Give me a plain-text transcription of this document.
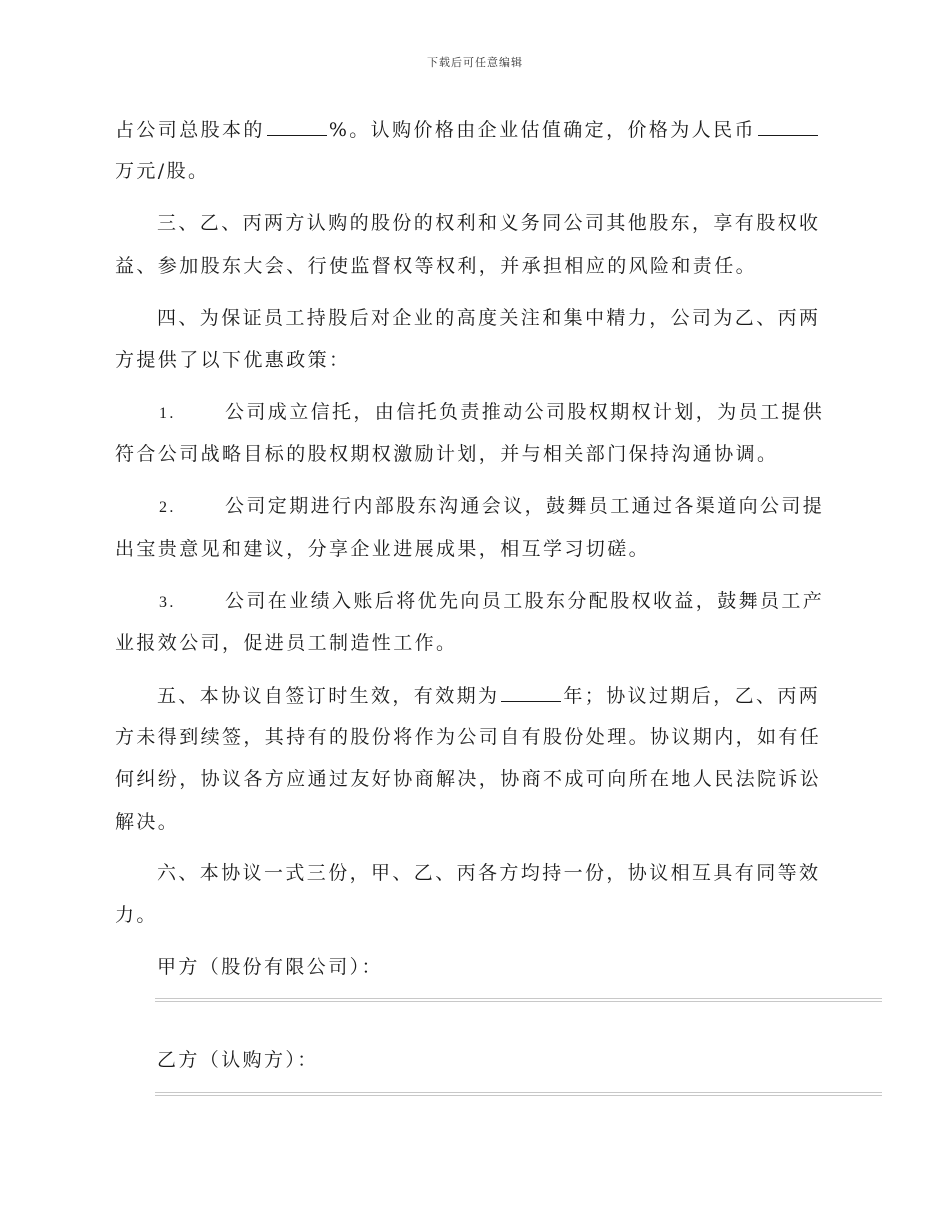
下载后可任意编辑
占公司总股本的	%。认购价格由企业估值确定，价格为人民币
万元/股。
三、乙、丙两方认购的股份的权利和义务同公司其他股东，享有股权收
益、参加股东大会、行使监督权等权利，并承担相应的风险和责任。
四、为保证员工持股后对企业的高度关注和集中精力，公司为乙、丙两
方提供了以下优惠政策：
1.	公司成立信托，由信托负责推动公司股权期权计划，为员工提供
符合公司战略目标的股权期权激励计划，并与相关部门保持沟通协调。
2.	公司定期进行内部股东沟通会议，鼓舞员工通过各渠道向公司提
出宝贵意见和建议，分享企业进展成果，相互学习切磋。
3.	公司在业绩入账后将优先向员工股东分配股权收益，鼓舞员工产
业报效公司，促进员工制造性工作。
五、本协议自签订时生效，有效期为	年；协议过期后，乙、丙两
方未得到续签，其持有的股份将作为公司自有股份处理。协议期内，如有任
何纠纷，协议各方应通过友好协商解决，协商不成可向所在地人民法院诉讼
解决。
六、本协议一式三份，甲、乙、丙各方均持一份，协议相互具有同等效
力。
甲方（股份有限公司）：
乙方（认购方）：
